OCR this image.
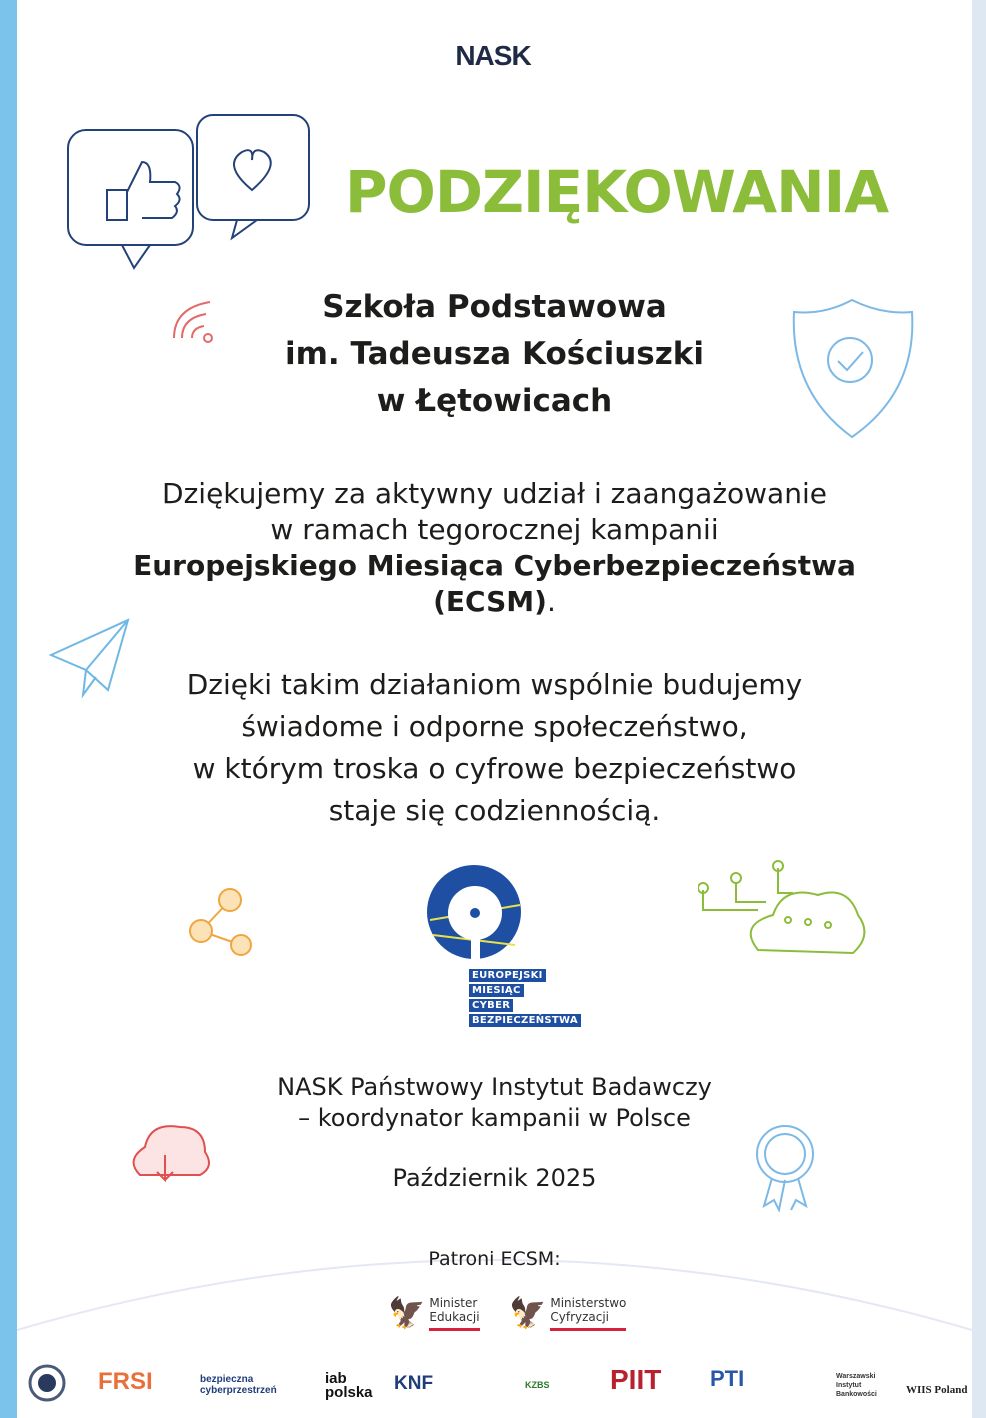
NASK
PODZIĘKOWANIA
Szkoła Podstawowa
im. Tadeusza Kościuszki
w Łętowicach
Dziękujemy za aktywny udział i zaangażowanie
w ramach tegorocznej kampanii
Europejskiego Miesiąca Cyberbezpieczeństwa
(ECSM).
Dzięki takim działaniom wspólnie budujemy
świadome i odporne społeczeństwo,
w którym troska o cyfrowe bezpieczeństwo
staje się codziennością.
EUROPEJSKI
MIESIĄC
CYBER
BEZPIECZEŃSTWA
NASK Państwowy Instytut Badawczy
– koordynator kampanii w Polsce
Październik 2025
Patroni ECSM:
🦅 Minister
Edukacji 🦅 Ministerstwo
Cyfryzacji
FRSI	bezpieczna cyberprzestrzeń
iab polska KNF	KZBS PIIT PTI	Warszawski Instytut Bankowości	WIIS Poland
